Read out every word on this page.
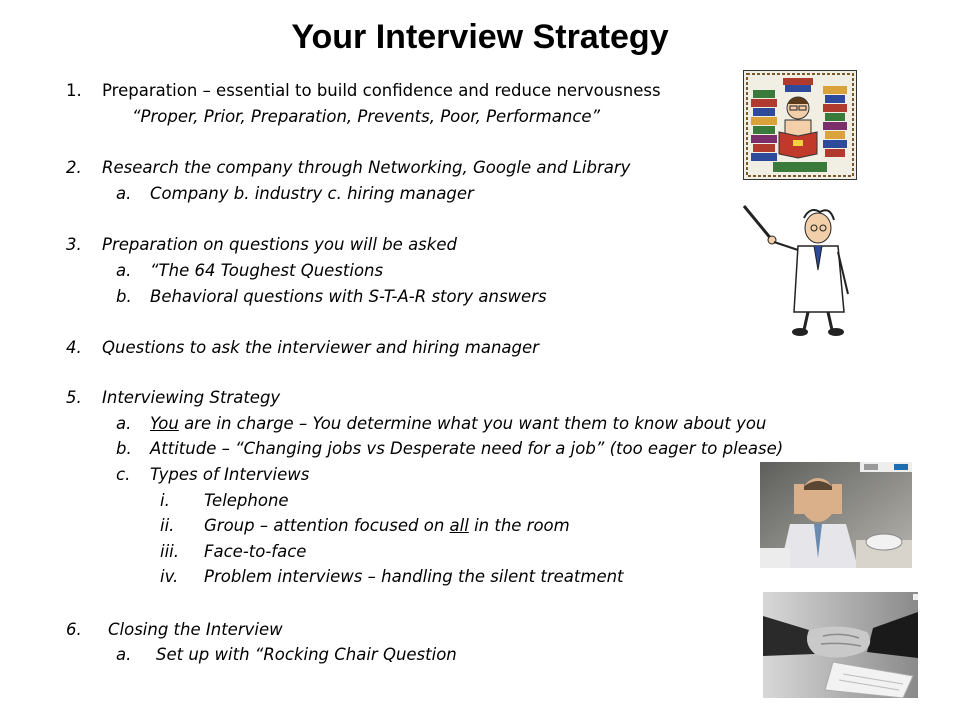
Your Interview Strategy
1. Preparation – essential to build confidence and reduce nervousness
“Proper, Prior, Preparation, Prevents, Poor, Performance”
2. Research the company through Networking, Google and Library
a. Company b. industry c. hiring manager
3. Preparation on questions you will be asked
a. “The 64 Toughest Questions
b. Behavioral questions with S-T-A-R story answers
4. Questions to ask the interviewer and hiring manager
5. Interviewing Strategy
a. You are in charge – You determine what you want them to know about you
b. Attitude – “Changing jobs vs Desperate need for a job” (too eager to please)
c. Types of Interviews
i. Telephone
ii. Group – attention focused on all in the room
iii. Face-to-face
iv. Problem interviews – handling the silent treatment
6. Closing the Interview
a. Set up with “Rocking Chair Question
